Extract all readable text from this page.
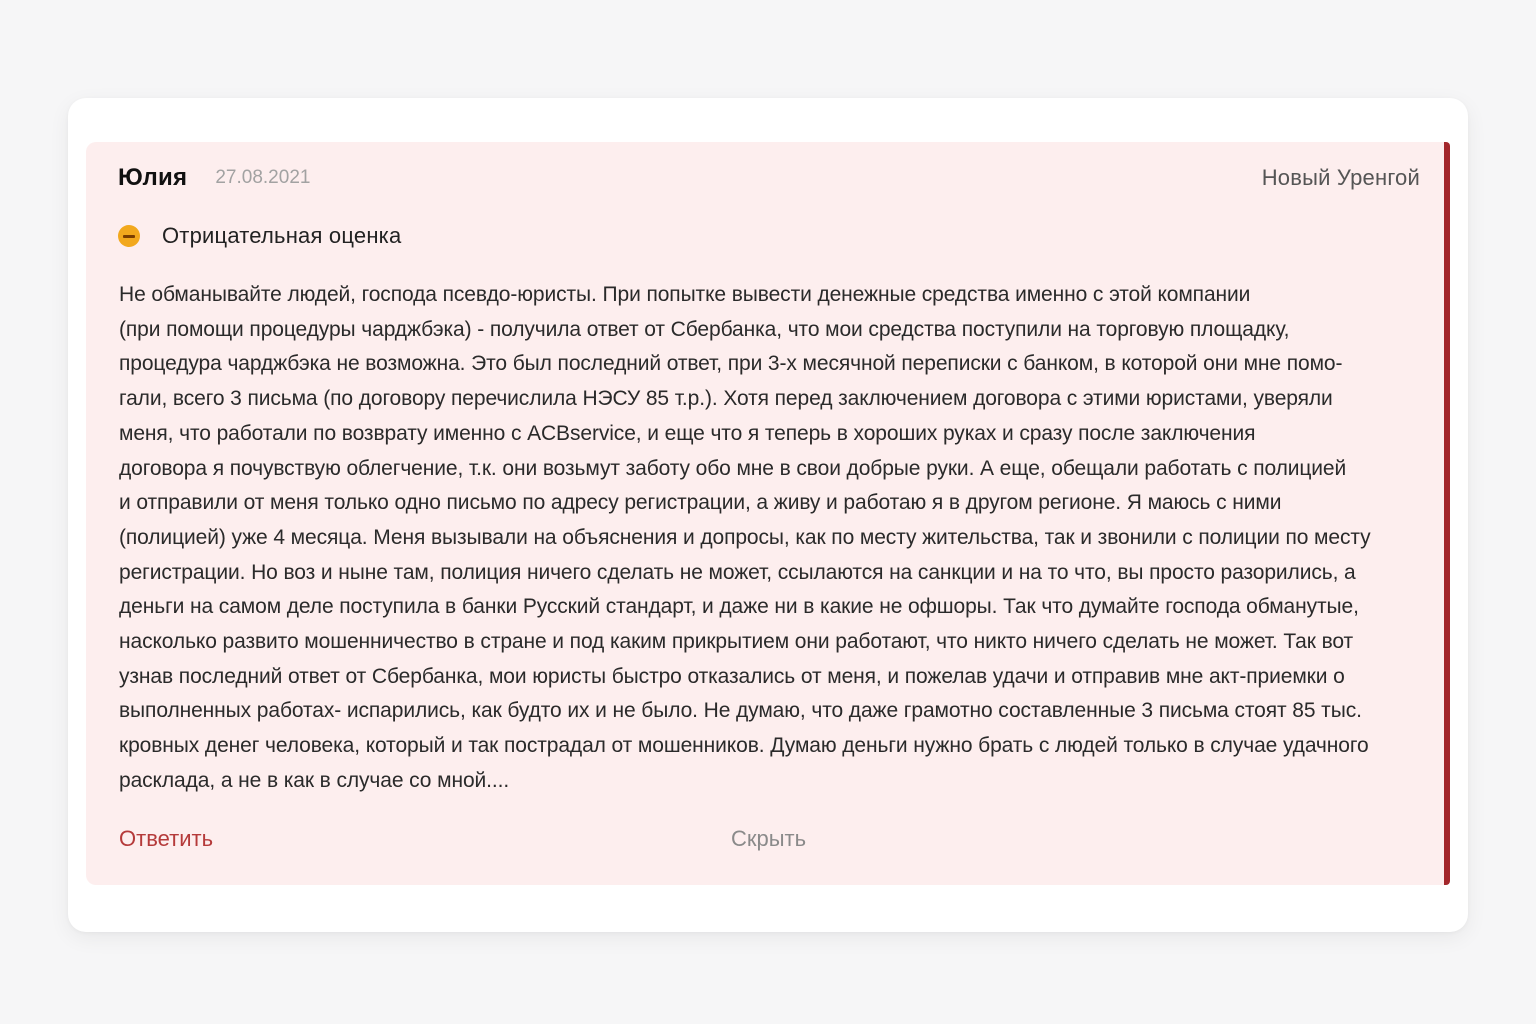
Юлия 27.08.2021	Новый Уренгой
Отрицательная оценка

Не обманывайте людей, господа псевдо-юристы. При попытке вывести денежные средства именно с этой компании
(при помощи процедуры чарджбэка) - получила ответ от Сбербанка, что мои средства поступили на торговую площадку,
процедура чарджбэка не возможна. Это был последний ответ, при 3-х месячной переписки с банком, в которой они мне помо-
гали, всего 3 письма (по договору перечислила НЭСУ 85 т.р.). Хотя перед заключением договора с этими юристами, уверяли
меня, что работали по возврату именно с ACBservice, и еще что я теперь в хороших руках и сразу после заключения
договора я почувствую облегчение, т.к. они возьмут заботу обо мне в свои добрые руки. А еще, обещали работать с полицией
и отправили от меня только одно письмо по адресу регистрации, а живу и работаю я в другом регионе. Я маюсь с ними
(полицией) уже 4 месяца. Меня вызывали на объяснения и допросы, как по месту жительства, так и звонили с полиции по месту
регистрации. Но воз и ныне там, полиция ничего сделать не может, ссылаются на санкции и на то что, вы просто разорились, а
деньги на самом деле поступила в банки Русский стандарт, и даже ни в какие не офшоры. Так что думайте господа обманутые,
насколько развито мошенничество в стране и под каким прикрытием они работают, что никто ничего сделать не может. Так вот
узнав последний ответ от Сбербанка, мои юристы быстро отказались от меня, и пожелав удачи и отправив мне акт-приемки о
выполненных работах- испарились, как будто их и не было. Не думаю, что даже грамотно составленные 3 письма стоят 85 тыс.
кровных денег человека, который и так пострадал от мошенников. Думаю деньги нужно брать с людей только в случае удачного
расклада, а не в как в случае со мной....

Ответить	Скрыть
